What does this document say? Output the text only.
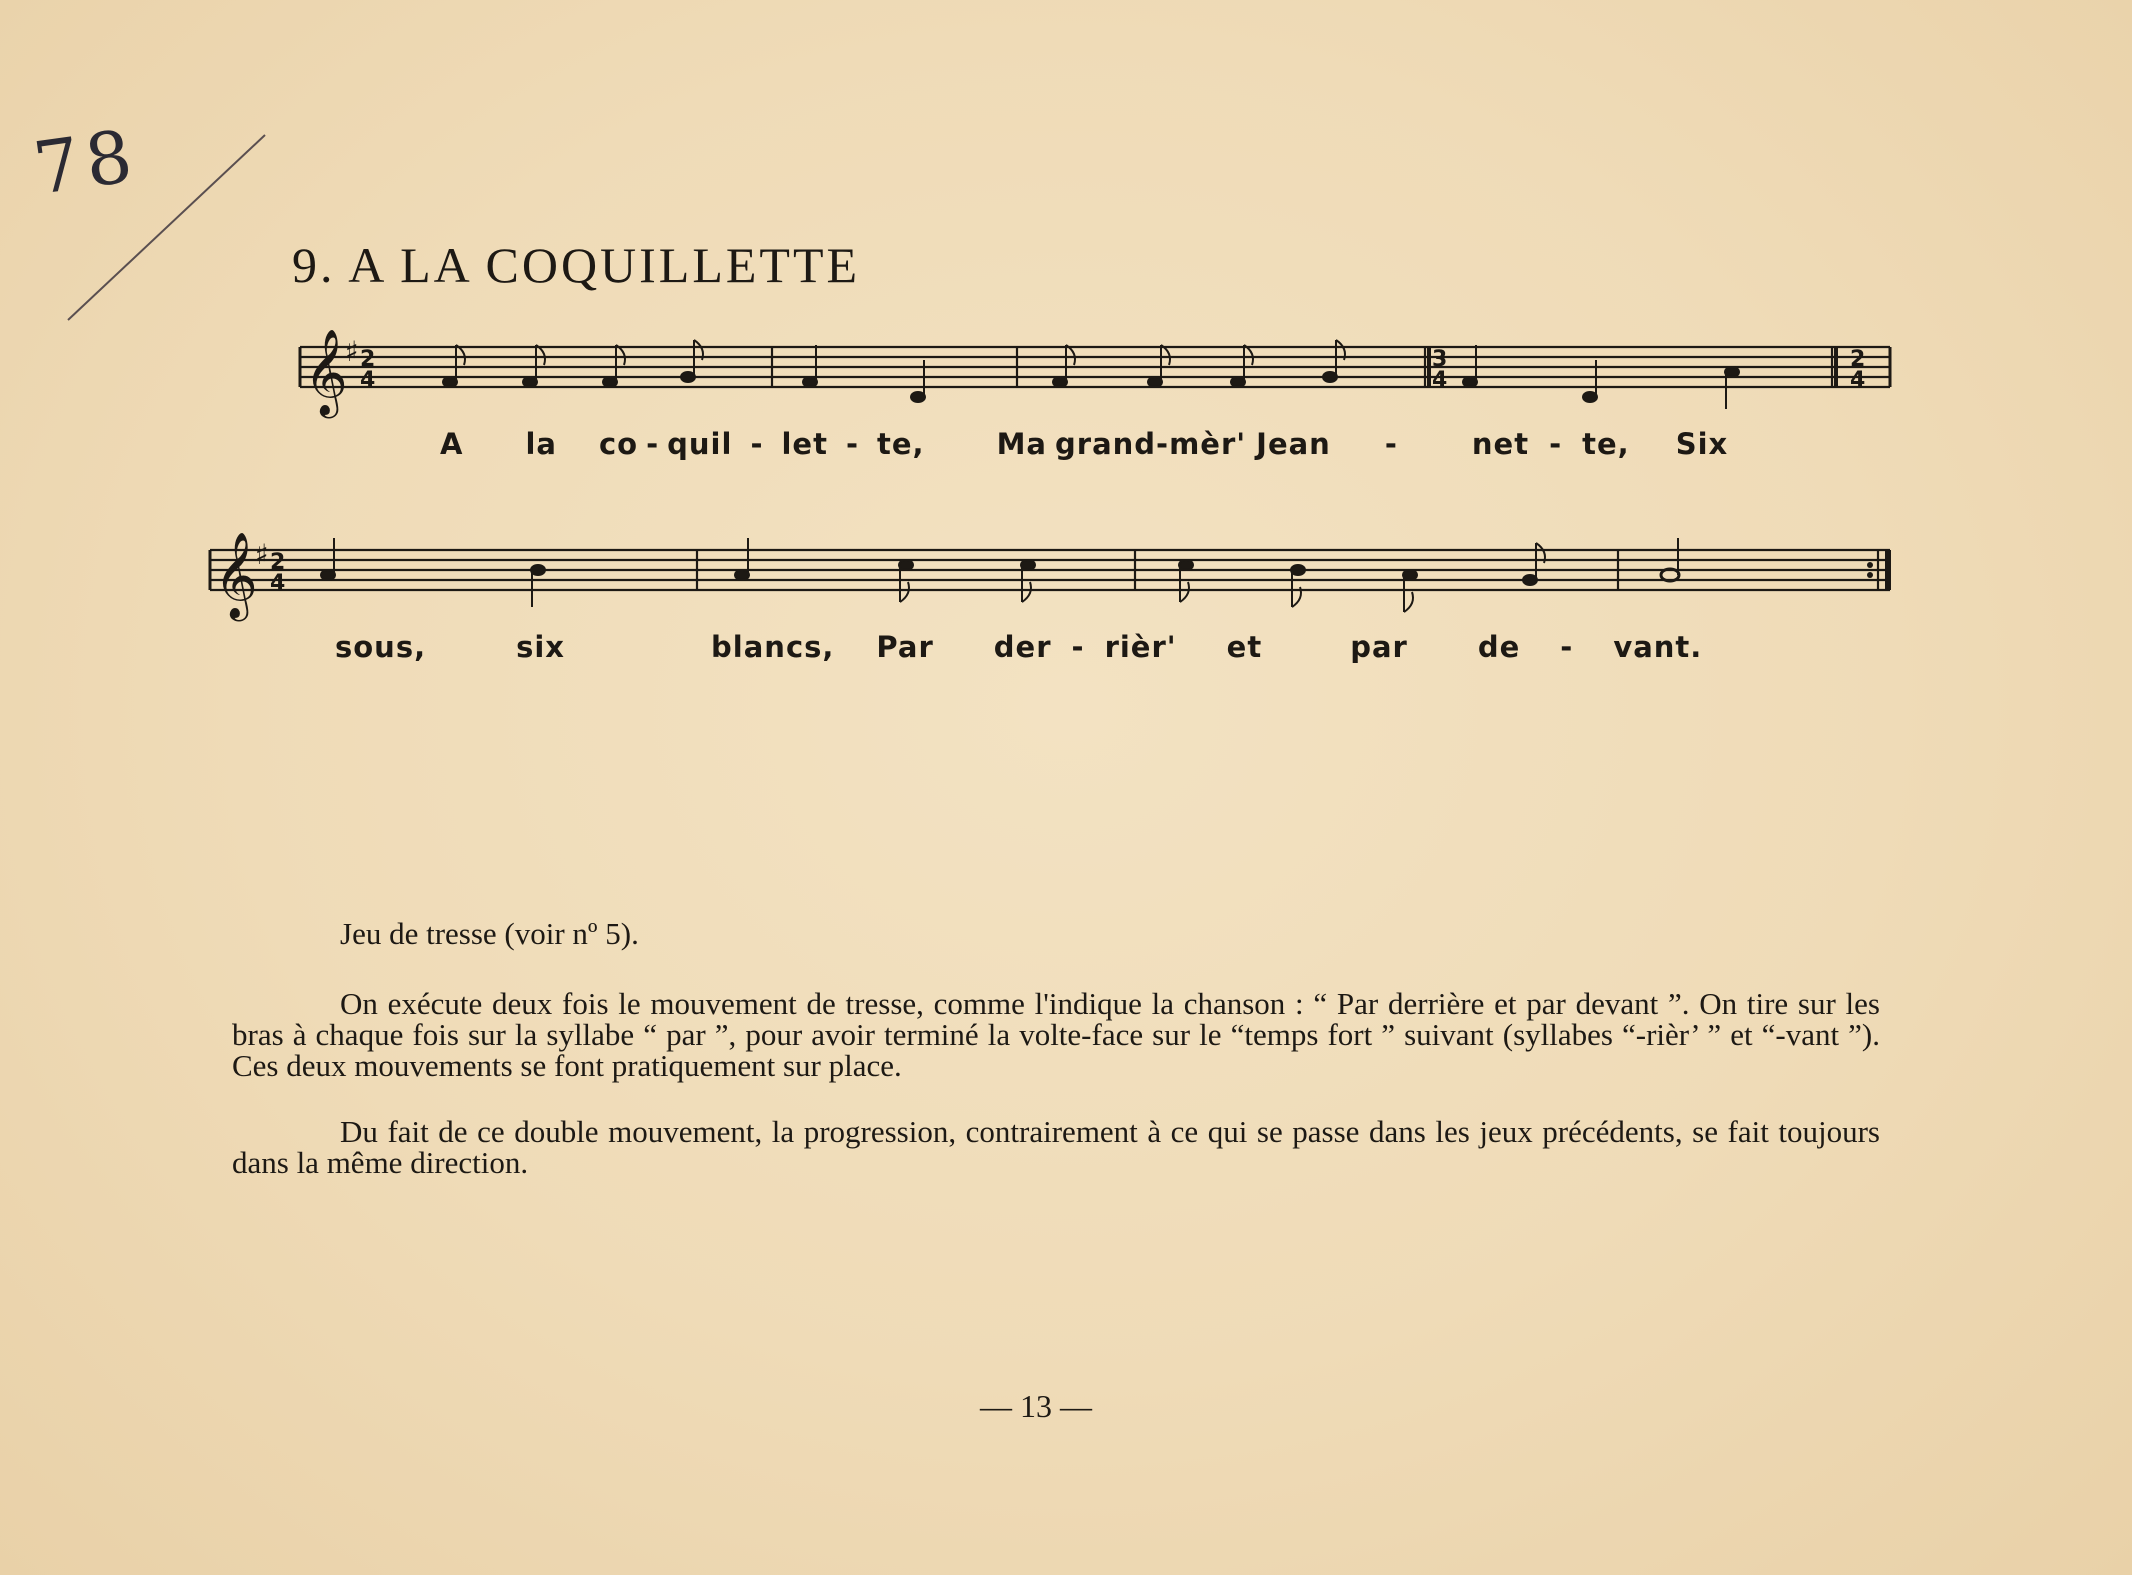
78
9. A LA COQUILLETTE
𝄞
♯ 2
4
3
4
2
4
A la co - quil - let - te, Ma grand-mèr' Jean -	net - te, Six
𝄞
♯ 2
4
sous,	six	blancs, Par der - rièr' et	par de - vant.
Jeu de tresse (voir nº 5).
On exécute deux fois le mouvement de tresse, comme l'indique la chanson : “ Par derrière et par devant ”. On tire sur les bras à chaque fois sur la syllabe “ par ”, pour avoir terminé la volte-face sur le “temps fort ” suivant (syllabes “-rièr’ ” et “-vant ”). Ces deux mouvements se font pratiquement sur place.
Du fait de ce double mouvement, la progression, contrairement à ce qui se passe dans les jeux précédents, se fait toujours dans la même direction.
— 13 —
